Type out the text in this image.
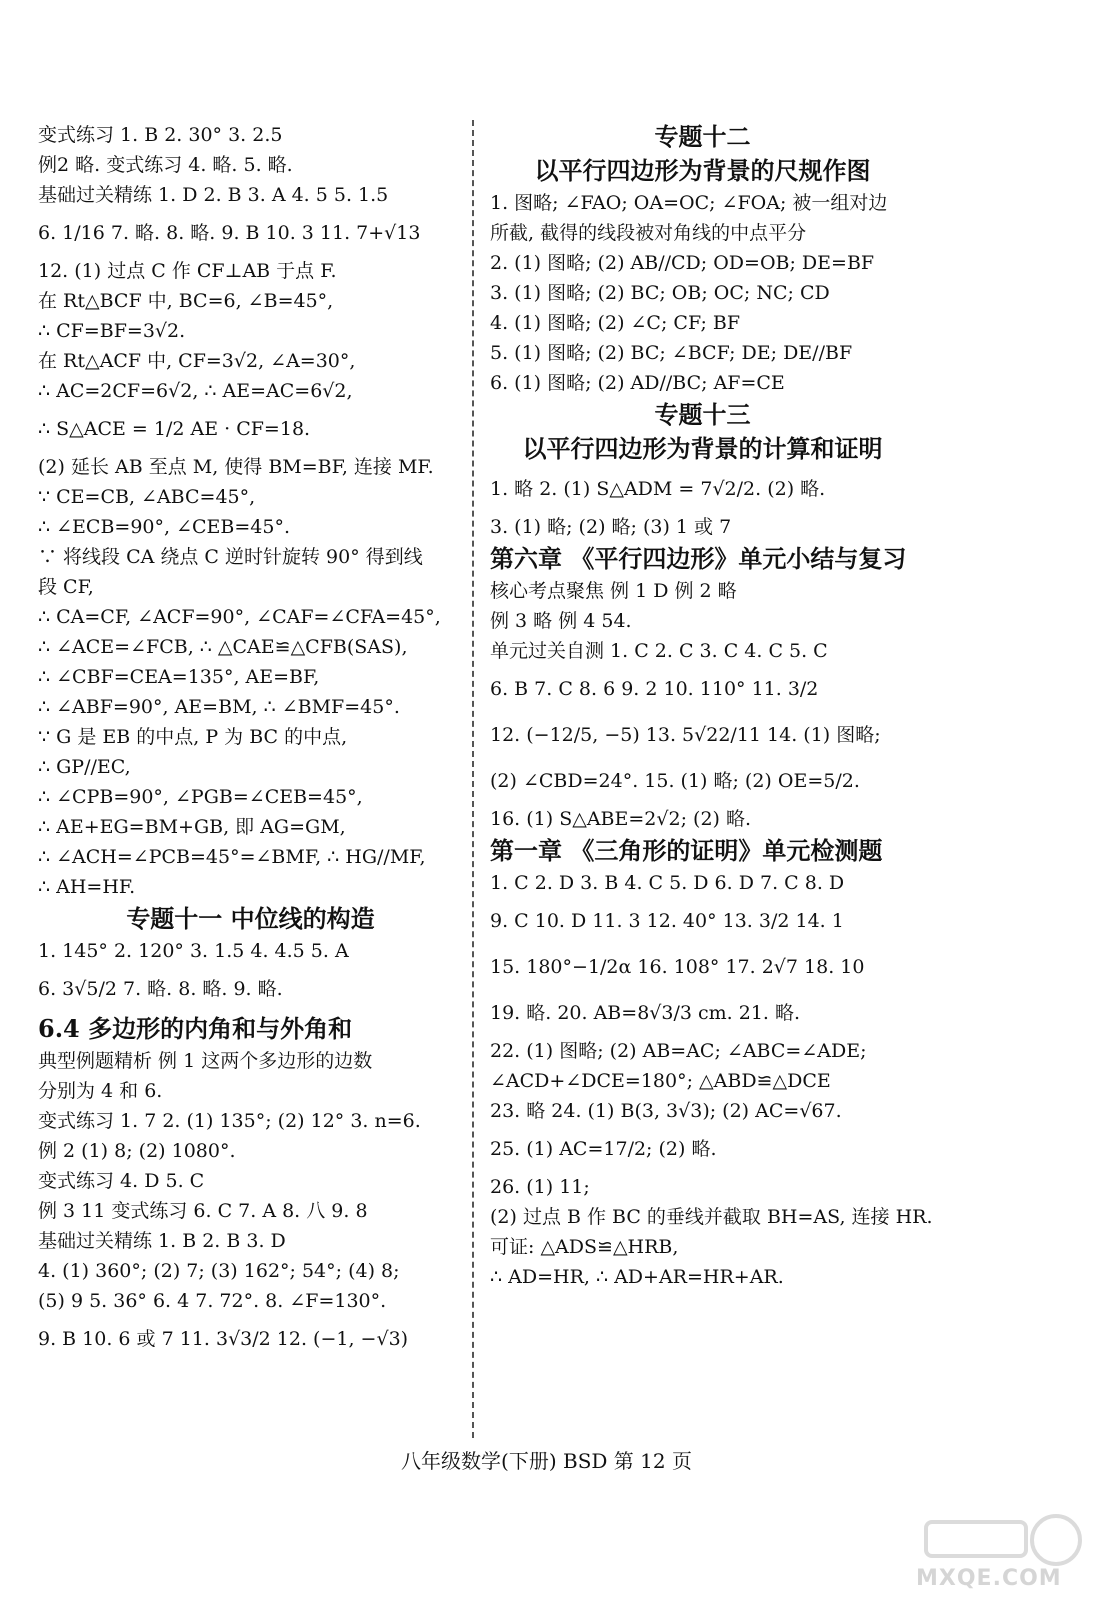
变式练习 1. B 2. 30° 3. 2.5
例2 略. 变式练习 4. 略. 5. 略.
基础过关精练 1. D 2. B 3. A 4. 5 5. 1.5
6. 1/16 7. 略. 8. 略. 9. B 10. 3 11. 7+√13
12. (1) 过点 C 作 CF⊥AB 于点 F.
在 Rt△BCF 中, BC=6, ∠B=45°,
∴ CF=BF=3√2.
在 Rt△ACF 中, CF=3√2, ∠A=30°,
∴ AC=2CF=6√2, ∴ AE=AC=6√2,
∴ S△ACE = 1/2 AE · CF=18.
(2) 延长 AB 至点 M, 使得 BM=BF, 连接 MF.
∵ CE=CB, ∠ABC=45°,
∴ ∠ECB=90°, ∠CEB=45°.
∵ 将线段 CA 绕点 C 逆时针旋转 90° 得到线
段 CF,
∴ CA=CF, ∠ACF=90°, ∠CAF=∠CFA=45°,
∴ ∠ACE=∠FCB, ∴ △CAE≌△CFB(SAS),
∴ ∠CBF=CEA=135°, AE=BF,
∴ ∠ABF=90°, AE=BM, ∴ ∠BMF=45°.
∵ G 是 EB 的中点, P 为 BC 的中点,
∴ GP//EC,
∴ ∠CPB=90°, ∠PGB=∠CEB=45°,
∴ AE+EG=BM+GB, 即 AG=GM,
∴ ∠ACH=∠PCB=45°=∠BMF, ∴ HG//MF,
∴ AH=HF.
专题十一 中位线的构造
1. 145° 2. 120° 3. 1.5 4. 4.5 5. A
6. 3√5/2 7. 略. 8. 略. 9. 略.
6.4 多边形的内角和与外角和
典型例题精析 例 1 这两个多边形的边数
分别为 4 和 6.
变式练习 1. 7 2. (1) 135°; (2) 12° 3. n=6.
例 2 (1) 8; (2) 1080°.
变式练习 4. D 5. C
例 3 11 变式练习 6. C 7. A 8. 八 9. 8
基础过关精练 1. B 2. B 3. D
4. (1) 360°; (2) 7; (3) 162°; 54°; (4) 8;
(5) 9 5. 36° 6. 4 7. 72°. 8. ∠F=130°.
9. B 10. 6 或 7 11. 3√3/2 12. (−1, −√3)
专题十二
以平行四边形为背景的尺规作图
1. 图略; ∠FAO; OA=OC; ∠FOA; 被一组对边
所截, 截得的线段被对角线的中点平分
2. (1) 图略; (2) AB//CD; OD=OB; DE=BF
3. (1) 图略; (2) BC; OB; OC; NC; CD
4. (1) 图略; (2) ∠C; CF; BF
5. (1) 图略; (2) BC; ∠BCF; DE; DE//BF
6. (1) 图略; (2) AD//BC; AF=CE
专题十三
以平行四边形为背景的计算和证明
1. 略 2. (1) S△ADM = 7√2/2. (2) 略.
3. (1) 略; (2) 略; (3) 1 或 7
第六章 《平行四边形》单元小结与复习
核心考点聚焦 例 1 D 例 2 略
例 3 略 例 4 54.
单元过关自测 1. C 2. C 3. C 4. C 5. C
6. B 7. C 8. 6 9. 2 10. 110° 11. 3/2
12. (−12/5, −5) 13. 5√22/11 14. (1) 图略;
(2) ∠CBD=24°. 15. (1) 略; (2) OE=5/2.
16. (1) S△ABE=2√2; (2) 略.
第一章 《三角形的证明》单元检测题
1. C 2. D 3. B 4. C 5. D 6. D 7. C 8. D
9. C 10. D 11. 3 12. 40° 13. 3/2 14. 1
15. 180°−1/2α 16. 108° 17. 2√7 18. 10
19. 略. 20. AB=8√3/3 cm. 21. 略.
22. (1) 图略; (2) AB=AC; ∠ABC=∠ADE;
∠ACD+∠DCE=180°; △ABD≌△DCE
23. 略 24. (1) B(3, 3√3); (2) AC=√67.
25. (1) AC=17/2; (2) 略.
26. (1) 11;
(2) 过点 B 作 BC 的垂线并截取 BH=AS, 连接 HR.
可证: △ADS≌△HRB,
∴ AD=HR, ∴ AD+AR=HR+AR.
八年级数学(下册) BSD 第 12 页
MXQE.COM
